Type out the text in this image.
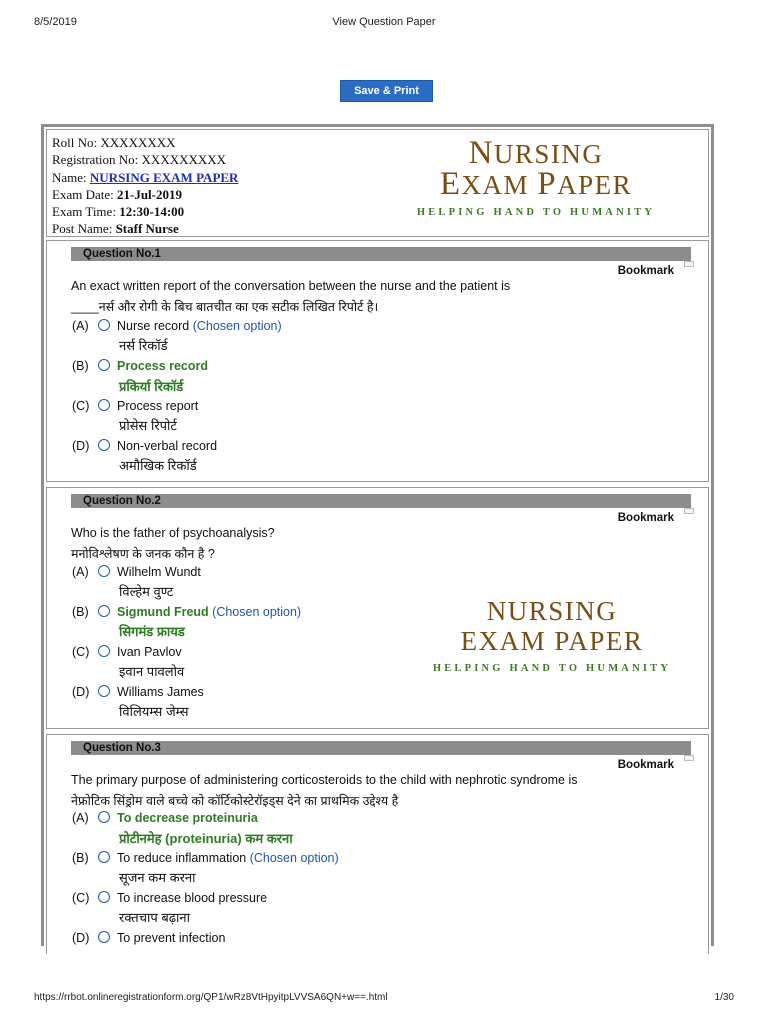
8/5/2019	View Question Paper
Save & Print
Roll No: XXXXXXXX
Registration No: XXXXXXXXX
Name: NURSING EXAM PAPER
Exam Date: 21-Jul-2019
Exam Time: 12:30-14:00
Post Name: Staff Nurse
NURSING
EXAM PAPER
HELPING HAND TO HUMANITY
Question No.1
Bookmark
An exact written report of the conversation between the nurse and the patient is
____नर्स और रोगी के बिच बातचीत का एक सटीक लिखित रिपोर्ट है।
(A) Nurse record (Chosen option)
नर्स रिकॉर्ड
(B) Process record
प्रकिर्या रिकॉर्ड
(C) Process report
प्रोसेस रिपोर्ट
(D) Non-verbal record
अमौखिक रिकॉर्ड
Question No.2
Bookmark
Who is the father of psychoanalysis?
मनोविश्लेषण के जनक कौन है ?
(A) Wilhelm Wundt
विल्हेम वुण्ट
(B) Sigmund Freud (Chosen option)
सिगमंड फ्रायड
(C) Ivan Pavlov
इवान पावलोव
(D) Williams James
विलियम्स जेम्स
NURSING
EXAM PAPER
HELPING HAND TO HUMANITY
Question No.3
Bookmark
The primary purpose of administering corticosteroids to the child with nephrotic syndrome is
नेफ्रोटिक सिंड्रोम वाले बच्चे को कॉर्टिकोस्टेरॉइड्स देने का प्राथमिक उद्देश्य है
(A) To decrease proteinuria
प्रोटीनमेह (proteinuria) कम करना
(B) To reduce inflammation (Chosen option)
सूजन कम करना
(C) To increase blood pressure
रक्तचाप बढ़ाना
(D) To prevent infection
https://rrbot.onlineregistrationform.org/QP1/wRz8VtHpyitpLVVSA6QN+w==.html	1/30
